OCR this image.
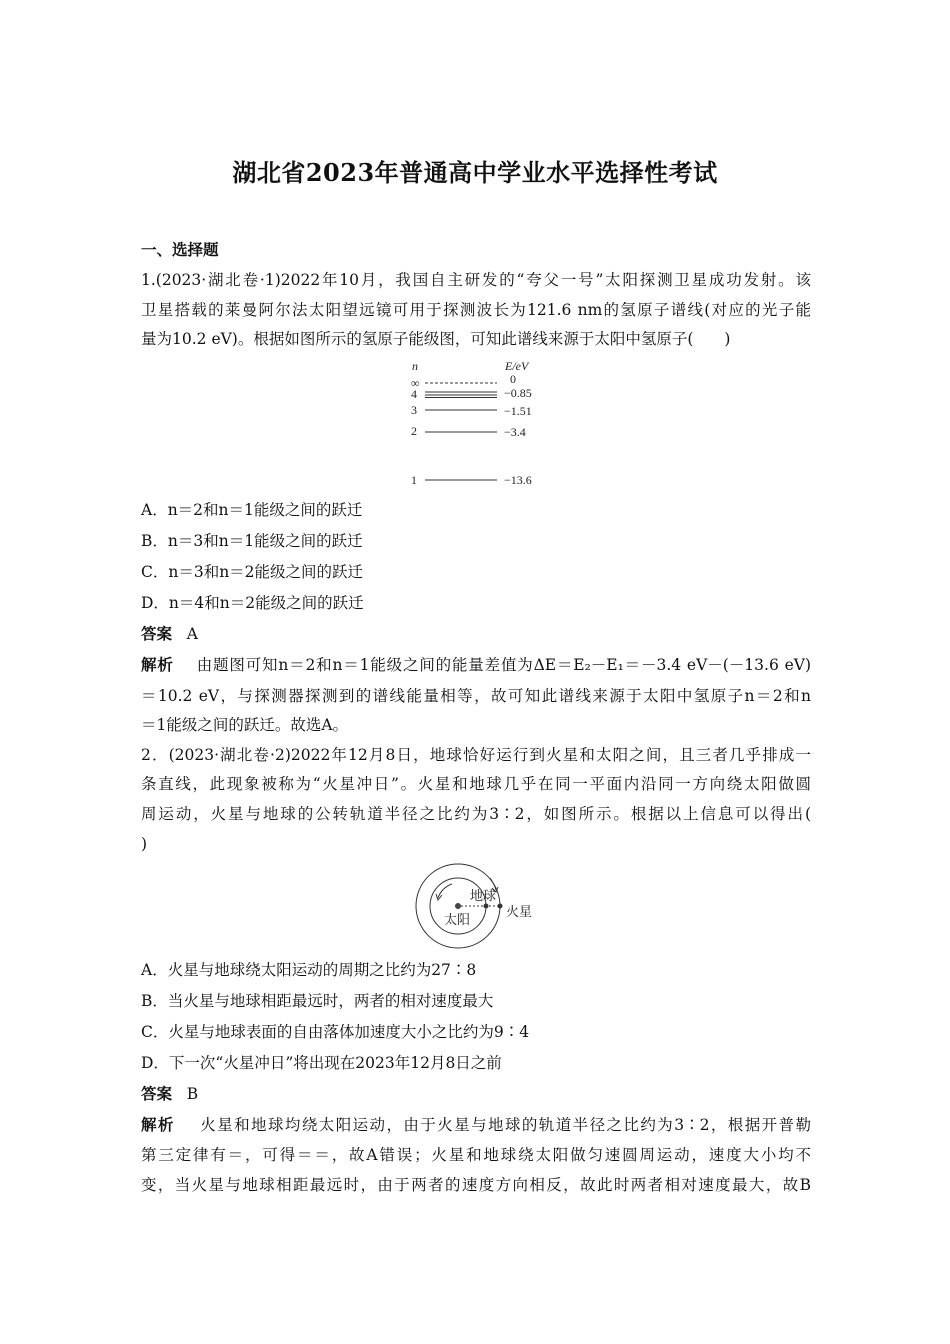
湖北省2023年普通高中学业水平选择性考试
一、选择题
1.(2023·湖北卷·1)2022年10月，我国自主研发的“夸父一号”太阳探测卫星成功发射。该
卫星搭载的莱曼阿尔法太阳望远镜可用于探测波长为121.6 nm的氢原子谱线(对应的光子能
量为10.2 eV)。根据如图所示的氢原子能级图，可知此谱线来源于太阳中氢原子(　　)
n	E/eV
∞
4
3
2
1
0
−0.85
−1.51
−3.4
−13.6
A．n＝2和n＝1能级之间的跃迁
B．n＝3和n＝1能级之间的跃迁
C．n＝3和n＝2能级之间的跃迁
D．n＝4和n＝2能级之间的跃迁
答案 A
解析 由题图可知n＝2和n＝1能级之间的能量差值为ΔE＝E₂－E₁＝－3.4 eV－(－13.6 eV)
＝10.2 eV，与探测器探测到的谱线能量相等，故可知此谱线来源于太阳中氢原子n＝2和n
＝1能级之间的跃迁。故选A。
2．(2023·湖北卷·2)2022年12月8日，地球恰好运行到火星和太阳之间，且三者几乎排成一
条直线，此现象被称为“火星冲日”。火星和地球几乎在同一平面内沿同一方向绕太阳做圆
周运动，火星与地球的公转轨道半径之比约为3∶2，如图所示。根据以上信息可以得出(
)
地球
太阳
火星
A．火星与地球绕太阳运动的周期之比约为27∶8
B．当火星与地球相距最远时，两者的相对速度最大
C．火星与地球表面的自由落体加速度大小之比约为9∶4
D．下一次“火星冲日”将出现在2023年12月8日之前
答案 B
解析 火星和地球均绕太阳运动，由于火星与地球的轨道半径之比约为3∶2，根据开普勒
第三定律有＝，可得＝＝，故A错误；火星和地球绕太阳做匀速圆周运动，速度大小均不
变，当火星与地球相距最远时，由于两者的速度方向相反，故此时两者相对速度最大，故B
